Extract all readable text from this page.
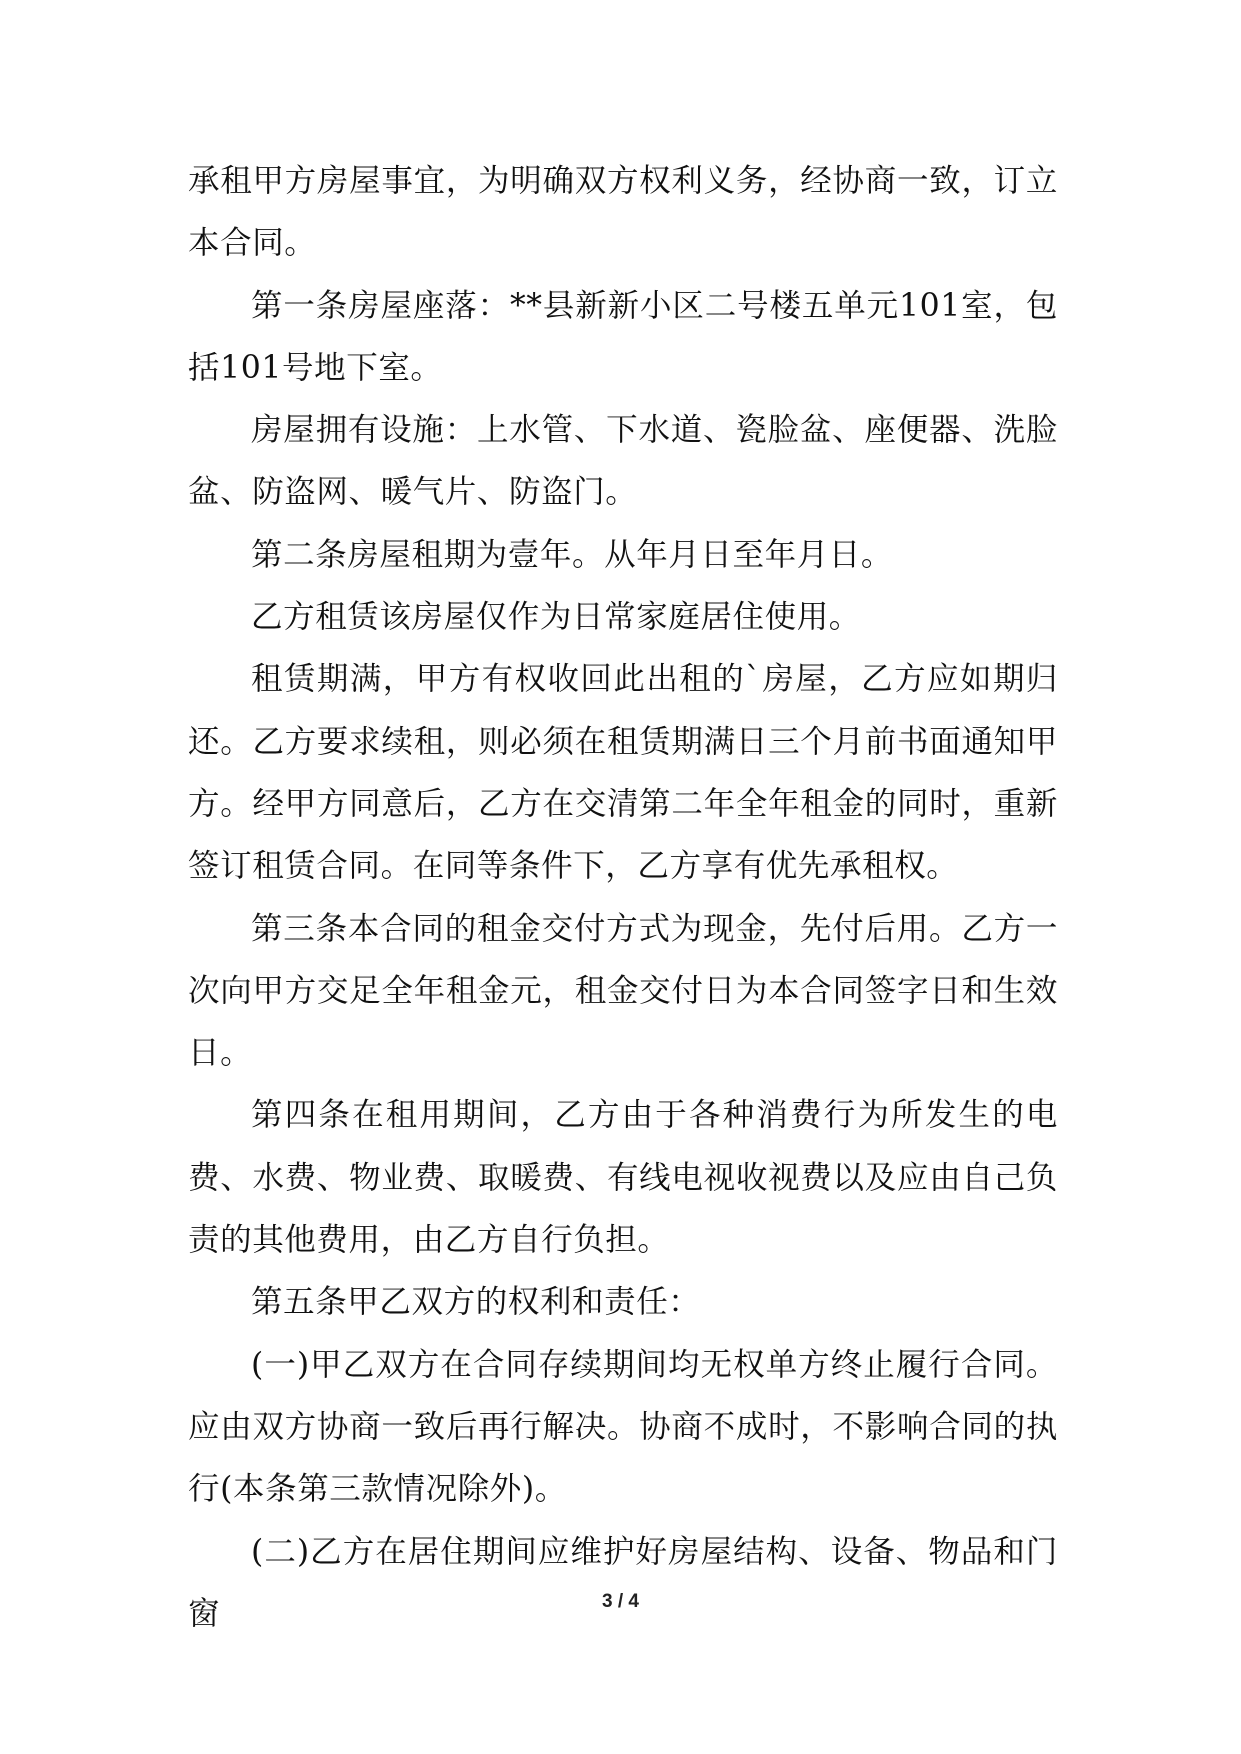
承租甲方房屋事宜，为明确双方权利义务，经协商一致，订立本合同。

第一条房屋座落：**县新新小区二号楼五单元101室，包括101号地下室。

房屋拥有设施：上水管、下水道、瓷脸盆、座便器、洗脸盆、防盗网、暖气片、防盗门。

第二条房屋租期为壹年。从年月日至年月日。

乙方租赁该房屋仅作为日常家庭居住使用。

租赁期满，甲方有权收回此出租的`房屋，乙方应如期归还。乙方要求续租，则必须在租赁期满日三个月前书面通知甲方。经甲方同意后，乙方在交清第二年全年租金的同时，重新签订租赁合同。在同等条件下，乙方享有优先承租权。

第三条本合同的租金交付方式为现金，先付后用。乙方一次向甲方交足全年租金元，租金交付日为本合同签字日和生效日。

第四条在租用期间，乙方由于各种消费行为所发生的电费、水费、物业费、取暖费、有线电视收视费以及应由自己负责的其他费用，由乙方自行负担。

第五条甲乙双方的权利和责任：

(一)甲乙双方在合同存续期间均无权单方终止履行合同。应由双方协商一致后再行解决。协商不成时，不影响合同的执行(本条第三款情况除外)。

(二)乙方在居住期间应维护好房屋结构、设备、物品和门窗	3 / 4
